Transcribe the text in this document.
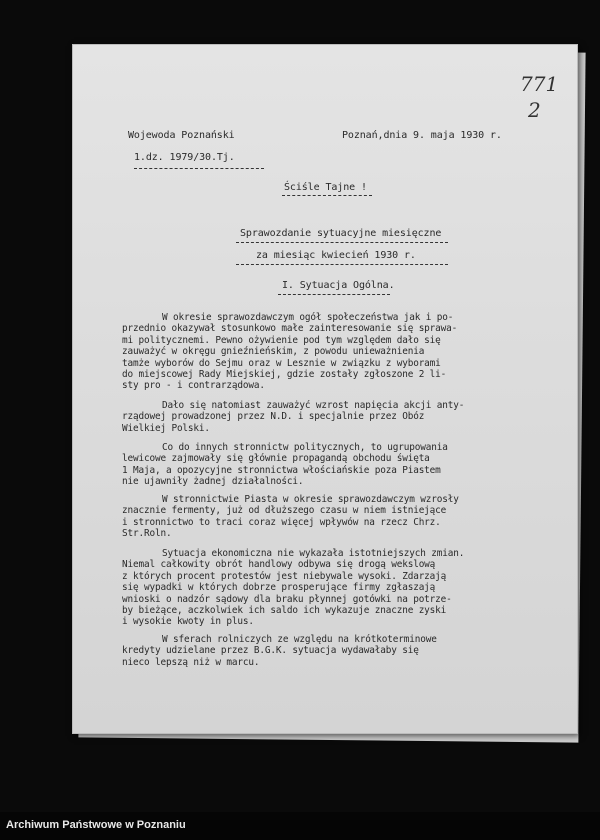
771
2
Wojewoda Poznański	Poznań,dnia 9. maja 1930 r.
1.dz. 1979/30.Tj.
Ściśle Tajne !
Sprawozdanie sytuacyjne miesięczne
za miesiąc kwiecień 1930 r.
I. Sytuacja Ogólna.
W okresie sprawozdawczym ogół społeczeństwa jak i po-
przednio okazywał stosunkowo małe zainteresowanie się sprawa-
mi politycznemi. Pewno ożywienie pod tym względem dało się
zauważyć w okręgu gnieźnieńskim, z powodu unieważnienia
tamże wyborów do Sejmu oraz w Lesznie w związku z wyborami
do miejscowej Rady Miejskiej, gdzie zostały zgłoszone 2 li-
sty pro - i contrarządowa.
Dało się natomiast zauważyć wzrost napięcia akcji anty-
rządowej prowadzonej przez N.D. i specjalnie przez Obóz
Wielkiej Polski.
Co do innych stronnictw politycznych, to ugrupowania
lewicowe zajmowały się głównie propagandą obchodu święta
1 Maja, a opozycyjne stronnictwa włościańskie poza Piastem
nie ujawniły żadnej działalności.
W stronnictwie Piasta w okresie sprawozdawczym wzrosły
znacznie fermenty, już od dłuższego czasu w niem istniejące
i stronnictwo to traci coraz więcej wpływów na rzecz Chrz.
Str.Roln.
Sytuacja ekonomiczna nie wykazała istotniejszych zmian.
Niemal całkowity obrót handlowy odbywa się drogą wekslową
z których procent protestów jest niebywale wysoki. Zdarzają
się wypadki w których dobrze prosperujące firmy zgłaszają
wnioski o nadzór sądowy dla braku płynnej gotówki na potrze-
by bieżące, aczkolwiek ich saldo ich wykazuje znaczne zyski
i wysokie kwoty in plus.
W sferach rolniczych ze względu na krótkoterminowe
kredyty udzielane przez B.G.K. sytuacja wydawałaby się
nieco lepszą niż w marcu.
Archiwum Państwowe w Poznaniu
